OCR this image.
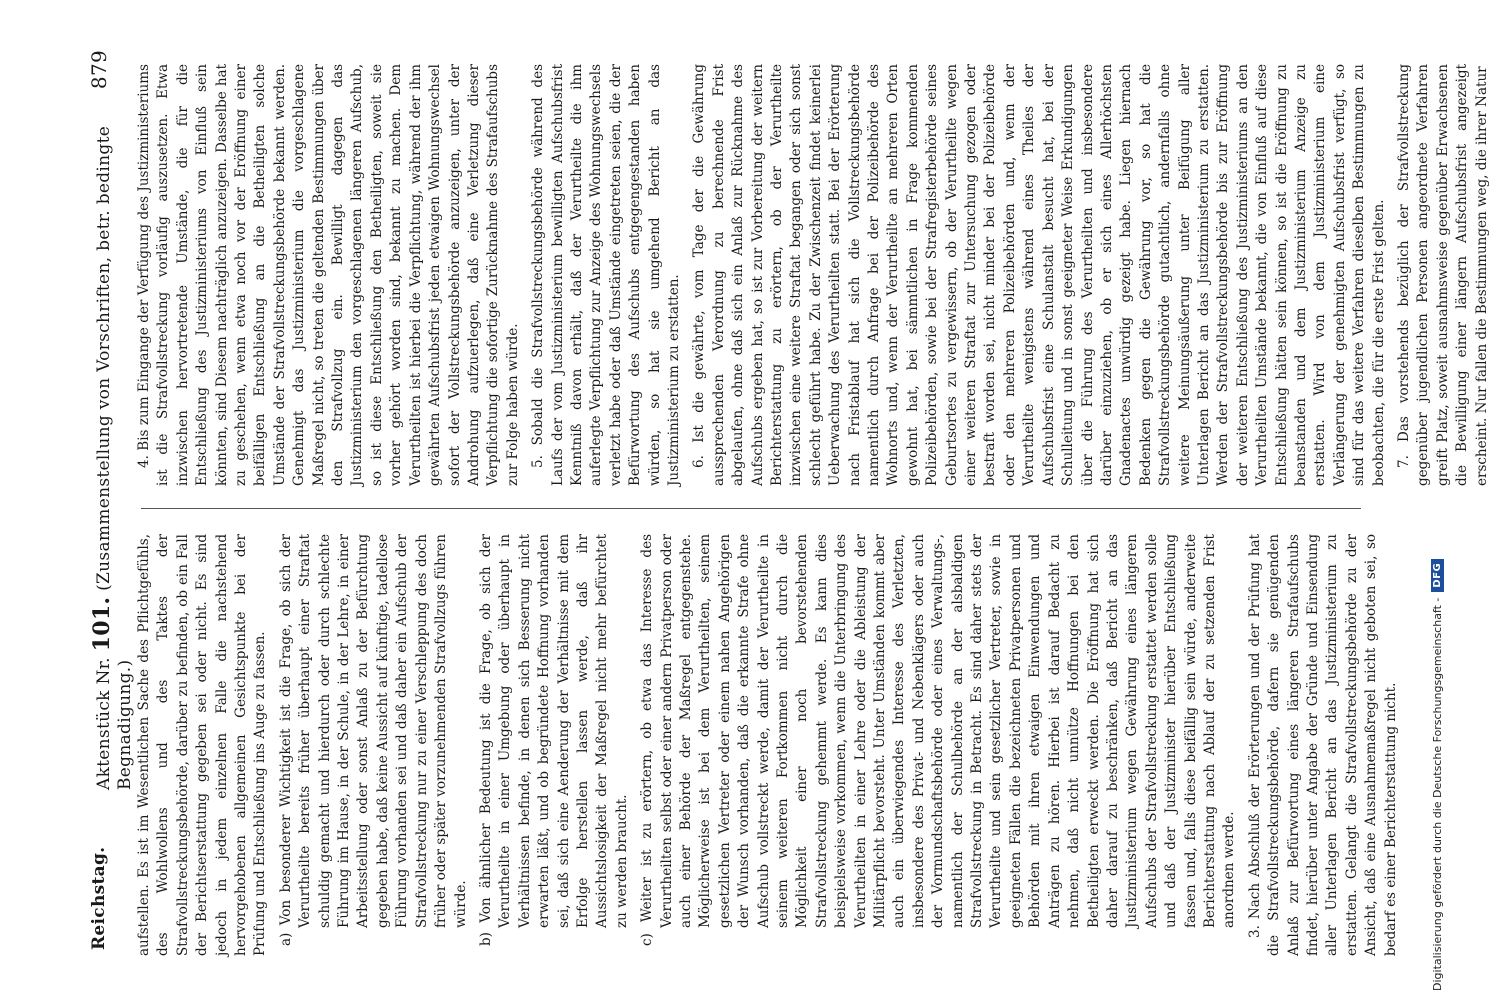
Reichstag.
Aktenstück Nr. 101. (Zusammenstellung von Vorschriften, betr. bedingte Begnadigung.)
879

aufstellen. Es ist im Wesentlichen Sache des Pflichtgefühls, des Wohlwollens und des Taktes der Strafvollstreckungsbehörde, darüber zu befinden, ob ein Fall der Berichtserstattung gegeben sei oder nicht. Es sind jedoch in jedem einzelnen Falle die nachstehend hervorgehobenen allgemeinen Gesichtspunkte bei der Prüfung und Entschließung ins Auge zu fassen. a) Von besonderer Wichtigkeit ist die Frage, ob sich der Verurtheilte bereits früher überhaupt einer Straftat schuldig gemacht und hierdurch oder durch schlechte Führung im Hause, in der Schule, in der Lehre, in einer Arbeitsstellung oder sonst Anlaß zu der Befürchtung gegeben habe, daß keine Aussicht auf künftige, tadellose Führung vorhanden sei und daß daher ein Aufschub der Strafvollstreckung nur zu einer Verschleppung des doch früher oder später vorzunehmenden Strafvollzugs führen würde. b) Von ähnlicher Bedeutung ist die Frage, ob sich der Verurtheilte in einer Umgebung oder überhaupt in Verhältnissen befinde, in denen sich Besserung nicht erwarten läßt, und ob begründete Hoffnung vorhanden sei, daß sich eine Aenderung der Verhältnisse mit dem Erfolge herstellen lassen werde, daß ihr Aussichtslosigkeit der Maßregel nicht mehr befürchtet zu werden braucht. c) Weiter ist zu erörtern, ob etwa das Interesse des Verurtheilten selbst oder einer andern Privatperson oder auch einer Behörde der Maßregel entgegenstehe. Möglicherweise ist bei dem Verurtheilten, seinem gesetzlichen Vertreter oder einem nahen Angehörigen der Wunsch vorhanden, daß die erkannte Strafe ohne Aufschub vollstreckt werde, damit der Verurtheilte in seinem weiteren Fortkommen nicht durch die Möglichkeit einer noch bevorstehenden Strafvollstreckung gehemmt werde. Es kann dies beispielsweise vorkommen, wenn die Unterbringung des Verurtheilten in einer Lehre oder die Ableistung der Militärpflicht bevorsteht. Unter Umständen kommt aber auch ein überwiegendes Interesse des Verletzten, insbesondere des Privat- und Nebenklägers oder auch der Vormundschaftsbehörde oder eines Verwaltungs-, namentlich der Schulbehörde an der alsbaldigen Strafvollstreckung in Betracht. Es sind daher stets der Verurtheilte und sein gesetzlicher Vertreter, sowie in geeigneten Fällen die bezeichneten Privatpersonen und Behörden mit ihren etwaigen Einwendungen und Anträgen zu hören. Hierbei ist darauf Bedacht zu nehmen, daß nicht unnütze Hoffnungen bei den Betheiligten erweckt werden. Die Eröffnung hat sich daher darauf zu beschränken, daß Bericht an das Justizministerium wegen Gewährung eines längeren Aufschubs der Strafvollstreckung erstattet werden solle und daß der Justizminister hierüber Entschließung fassen und, falls diese beifällig sein würde, anderweite Berichterstattung nach Ablauf der zu setzenden Frist anordnen werde. 3. Nach Abschluß der Erörterungen und der Prüfung hat die Strafvollstreckungsbehörde, dafern sie genügenden Anlaß zur Befürwortung eines längeren Strafaufschubs findet, hierüber unter Angabe der Gründe und Einsendung aller Unterlagen Bericht an das Justizministerium zu erstatten. Gelangt die Strafvollstreckungsbehörde zu der Ansicht, daß eine Ausnahmemaßregel nicht geboten sei, so bedarf es einer Berichterstattung nicht.

4. Bis zum Eingange der Verfügung des Justizministeriums ist die Strafvollstreckung vorläufig auszusetzen. Etwa inzwischen hervortretende Umstände, die für die Entschließung des Justizministeriums von Einfluß sein könnten, sind Diesem nachträglich anzuzeigen. Dasselbe hat zu geschehen, wenn etwa noch vor der Eröffnung einer beifälligen Entschließung an die Betheiligten solche Umstände der Strafvollstreckungsbehörde bekannt werden. Genehmigt das Justizministerium die vorgeschlagene Maßregel nicht, so treten die geltenden Bestimmungen über den Strafvollzug ein. Bewilligt dagegen das Justizministerium den vorgeschlagenen längeren Aufschub, so ist diese Entschließung den Betheiligten, soweit sie vorher gehört worden sind, bekannt zu machen. Dem Verurtheilten ist hierbei die Verpflichtung, während der ihm gewährten Aufschubsfrist jeden etwaigen Wohnungswechsel sofort der Vollstreckungsbehörde anzuzeigen, unter der Androhung aufzuerlegen, daß eine Verletzung dieser Verpflichtung die sofortige Zurücknahme des Strafaufschubs zur Folge haben würde. 5. Sobald die Strafvollstreckungsbehörde während des Laufs der vom Justizministerium bewilligten Aufschubsfrist Kenntniß davon erhält, daß der Verurtheilte die ihm auferlegte Verpflichtung zur Anzeige des Wohnungswechsels verletzt habe oder daß Umstände eingetreten seien, die der Befürwortung des Aufschubs entgegengestanden haben würden, so hat sie umgehend Bericht an das Justizministerium zu erstatten. 6. Ist die gewährte, vom Tage der die Gewährung aussprechenden Verordnung zu berechnende Frist abgelaufen, ohne daß sich ein Anlaß zur Rücknahme des Aufschubs ergeben hat, so ist zur Vorbereitung der weitern Berichterstattung zu erörtern, ob der Verurtheilte inzwischen eine weitere Straftat begangen oder sich sonst schlecht geführt habe. Zu der Zwischenzeit findet keinerlei Ueberwachung des Verurtheilten statt. Bei der Erörterung nach Fristablauf hat sich die Vollstreckungsbehörde namentlich durch Anfrage bei der Polizeibehörde des Wohnorts und, wenn der Verurtheilte an mehreren Orten gewohnt hat, bei sämmtlichen in Frage kommenden Polizeibehörden, sowie bei der Strafregisterbehörde seines Geburtsortes zu vergewissern, ob der Verurtheilte wegen einer weiteren Straftat zur Untersuchung gezogen oder bestraft worden sei, nicht minder bei der Polizeibehörde oder den mehreren Polizeibehörden und, wenn der Verurtheilte wenigstens während eines Theiles der Aufschubsfrist eine Schulanstalt besucht hat, bei der Schulleitung und in sonst geeigneter Weise Erkundigungen über die Führung des Verurtheilten und insbesondere darüber einzuziehen, ob er sich eines Allerhöchsten Gnadenactes unwürdig gezeigt habe. Liegen hiernach Bedenken gegen die Gewährung vor, so hat die Strafvollstreckungsbehörde gutachtlich, andernfalls ohne weitere Meinungsäußerung unter Beifügung aller Unterlagen Bericht an das Justizministerium zu erstatten. Werden der Strafvollstreckungsbehörde bis zur Eröffnung der weiteren Entschließung des Justizministeriums an den Verurtheilten Umstände bekannt, die von Einfluß auf diese Entschließung hätten sein können, so ist die Eröffnung zu beanstanden und dem Justizministerium Anzeige zu erstatten. Wird von dem Justizministerium eine Verlängerung der genehmigten Aufschubsfrist verfügt, so sind für das weitere Verfahren dieselben Bestimmungen zu beobachten, die für die erste Frist gelten. 7. Das vorstehends bezüglich der Strafvollstreckung gegenüber jugendlichen Personen angeordnete Verfahren greift Platz, soweit ausnahmsweise gegenüber Erwachsenen die Bewilligung einer längern Aufschubsfrist angezeigt erscheint. Nur fallen die Bestimmungen weg, die ihrer Natur

Digitalisierung gefördert durch die Deutsche Forschungsgemeinschaft -
DFG
